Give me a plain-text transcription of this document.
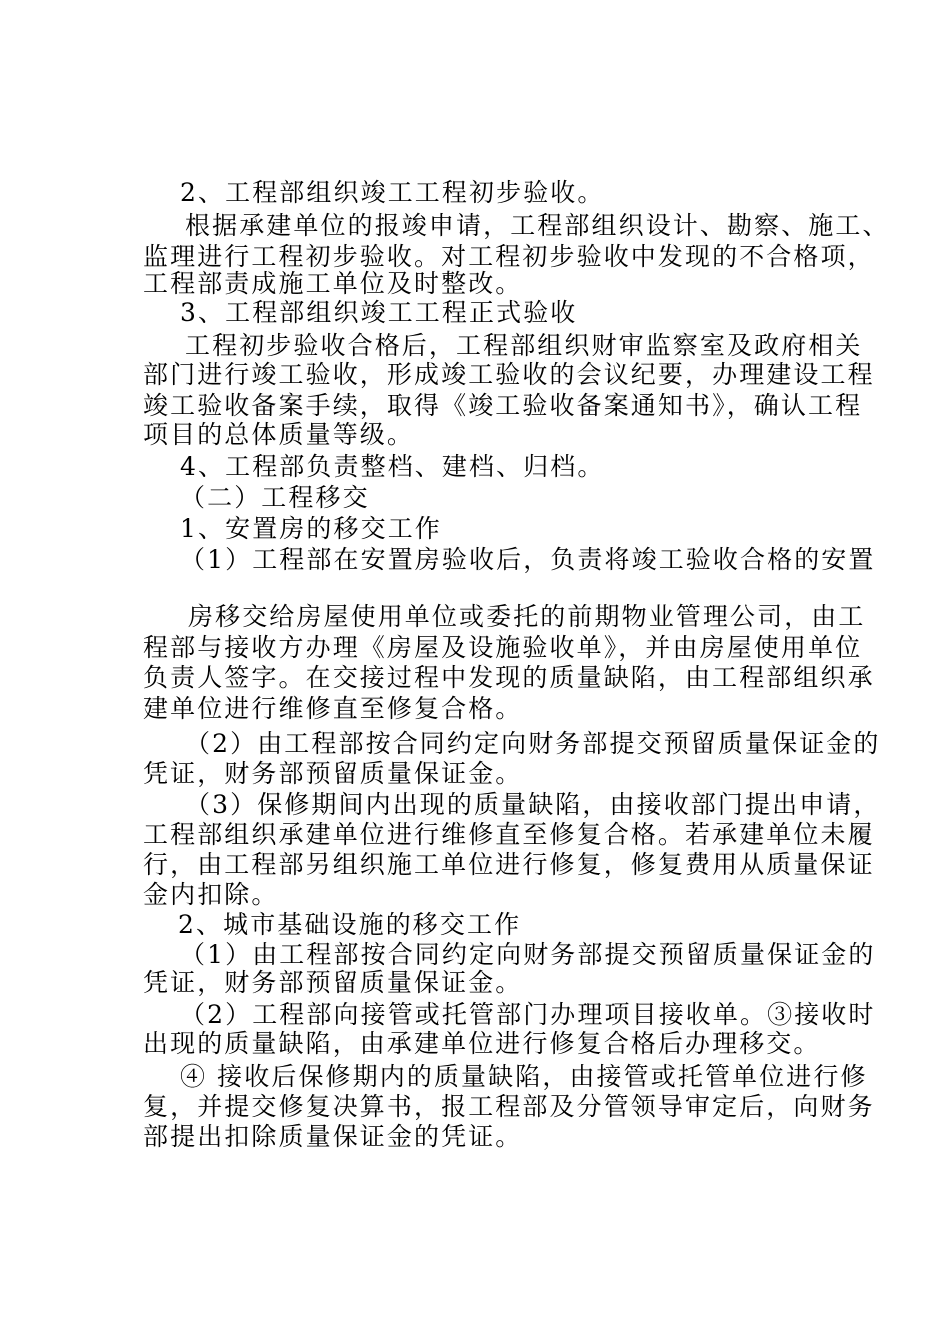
2、工程部组织竣工工程初步验收。
根据承建单位的报竣申请，工程部组织设计、勘察、施工、
监理进行工程初步验收。对工程初步验收中发现的不合格项，
工程部责成施工单位及时整改。
3、工程部组织竣工工程正式验收
工程初步验收合格后，工程部组织财审监察室及政府相关
部门进行竣工验收，形成竣工验收的会议纪要，办理建设工程
竣工验收备案手续，取得《竣工验收备案通知书》，确认工程
项目的总体质量等级。
4、工程部负责整档、建档、归档。
（二）工程移交
1、安置房的移交工作
（1）工程部在安置房验收后，负责将竣工验收合格的安置
房移交给房屋使用单位或委托的前期物业管理公司，由工
程部与接收方办理《房屋及设施验收单》，并由房屋使用单位
负责人签字。在交接过程中发现的质量缺陷，由工程部组织承
建单位进行维修直至修复合格。
（2）由工程部按合同约定向财务部提交预留质量保证金的
凭证，财务部预留质量保证金。
（3）保修期间内出现的质量缺陷，由接收部门提出申请，
工程部组织承建单位进行维修直至修复合格。若承建单位未履
行，由工程部另组织施工单位进行修复，修复费用从质量保证
金内扣除。
2、城市基础设施的移交工作
（1）由工程部按合同约定向财务部提交预留质量保证金的
凭证，财务部预留质量保证金。
（2）工程部向接管或托管部门办理项目接收单。③接收时
出现的质量缺陷，由承建单位进行修复合格后办理移交。
④ 接收后保修期内的质量缺陷，由接管或托管单位进行修
复，并提交修复决算书，报工程部及分管领导审定后，向财务
部提出扣除质量保证金的凭证。
